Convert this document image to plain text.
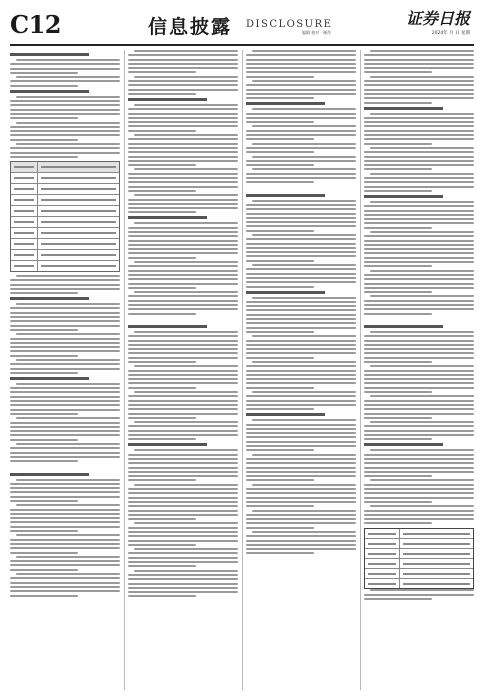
C12	信息披露 DISCLOSURE
编辑 校对 · 制作
证券日报
2024年 月 日 星期
